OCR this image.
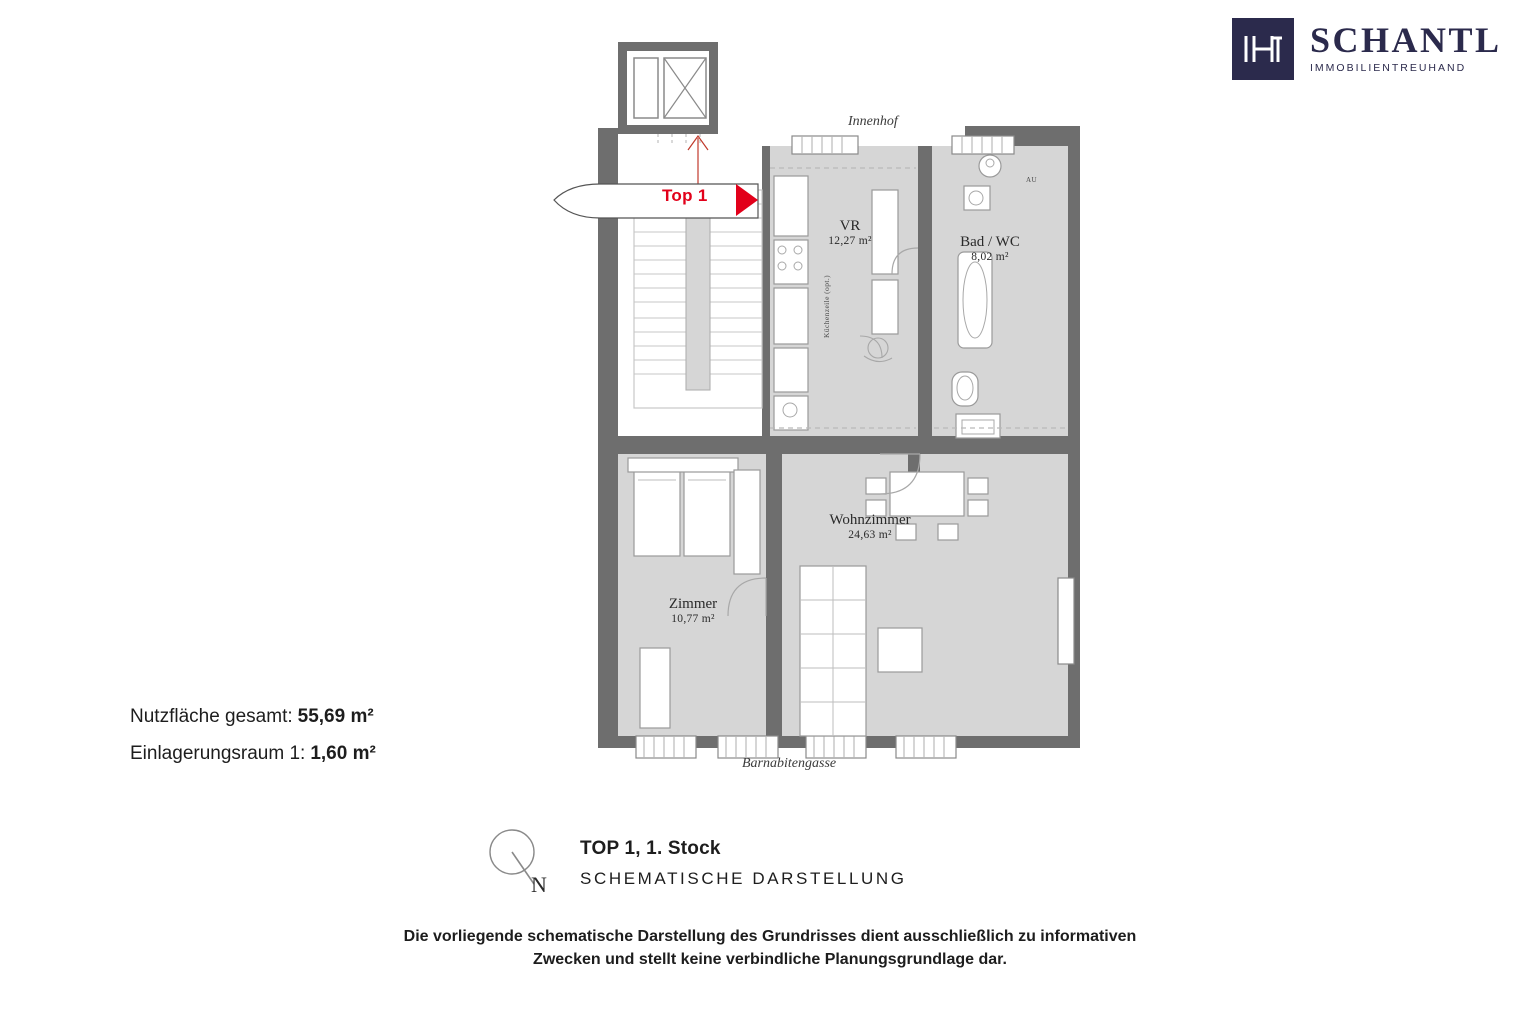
SCHANTL
IMMOBILIENTREUHAND
VR
12,27 m²	Bad / WC
8,02 m²
Wohnzimmer
24,63 m²
Zimmer
10,77 m²
Innenhof
Barnabitengasse
Küchenzeile (opt.)
AU
Top 1
Nutzfläche gesamt: 55,69 m²
Einlagerungsraum 1: 1,60 m²
N
TOP 1, 1. Stock
SCHEMATISCHE DARSTELLUNG
Die vorliegende schematische Darstellung des Grundrisses dient ausschließlich zu informativen
Zwecken und stellt keine verbindliche Planungsgrundlage dar.
